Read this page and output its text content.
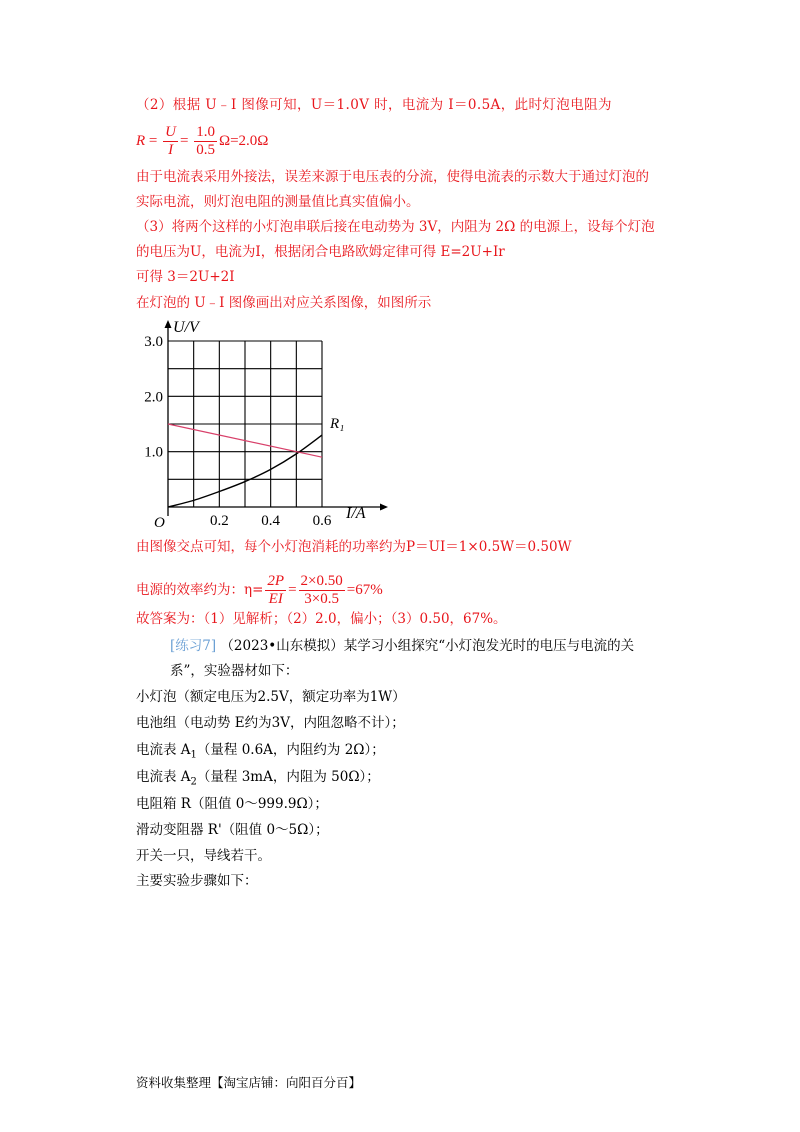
（2）根据 U﹣I 图像可知，U＝1.0V 时，电流为 I＝0.5A，此时灯泡电阻为
$R = \frac{U}{I} = \frac{1.0}{0.5} \Omega=2.0\Omega$
由于电流表采用外接法，误差来源于电压表的分流，使得电流表的示数大于通过灯泡的
实际电流，则灯泡电阻的测量值比真实值偏小。
（3）将两个这样的小灯泡串联后接在电动势为 3V，内阻为 2Ω 的电源上，设每个灯泡
的电压为U，电流为I，根据闭合电路欧姆定律可得 E=2U+Ir
可得 3＝2U+2I
在灯泡的 U﹣I 图像画出对应关系图像，如图所示
0.2 0.4 0.6
1.0
2.0
3.0
R₁
U/V
I/A
O
由图像交点可知，每个小灯泡消耗的功率约为P＝UI＝1×0.5W＝0.50W
电源的效率约为：$\eta= \frac{2P}{EI} = \frac{2\times 0.50}{3\times 0.5} =67\%$
故答案为：（1）见解析；（2）2.0，偏小；（3）0.50，67%。
[练习7] （2023•山东模拟）某学习小组探究“小灯泡发光时的电压与电流的关
系”，实验器材如下：
小灯泡（额定电压为2.5V，额定功率为1W）
电池组（电动势 E约为3V，内阻忽略不计）；
电流表 $A_1$（量程 0.6A，内阻约为 2Ω）；
电流表 $A_2$（量程 3mA，内阻为 50Ω）；
电阻箱 R（阻值 0～999.9Ω）；
滑动变阻器 R'（阻值 0～5Ω）；
开关一只，导线若干。
主要实验步骤如下：
资料收集整理【淘宝店铺：向阳百分百】
